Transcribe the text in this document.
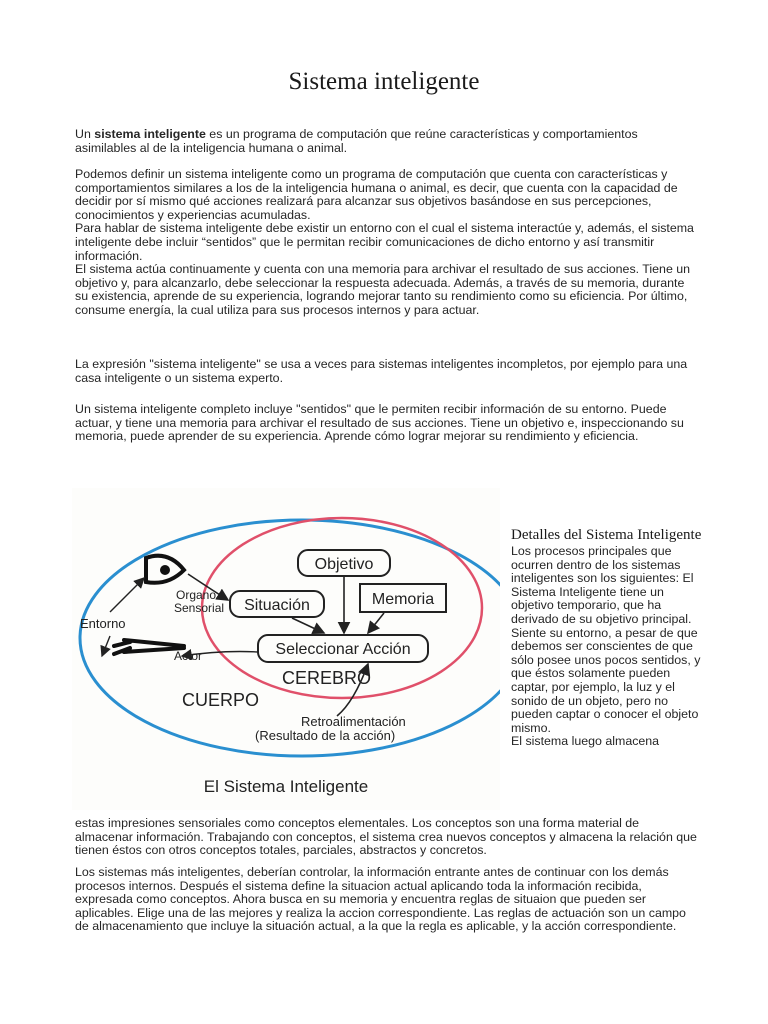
Sistema inteligente

Un sistema inteligente es un programa de computación que reúne características y comportamientos asimilables al de la inteligencia humana o animal.

Podemos definir un sistema inteligente como un programa de computación que cuenta con características y comportamientos similares a los de la inteligencia humana o animal, es decir, que cuenta con la capacidad de decidir por sí mismo qué acciones realizará para alcanzar sus objetivos basándose en sus percepciones, conocimientos y experiencias acumuladas.

Para hablar de sistema inteligente debe existir un entorno con el cual el sistema interactúe y, además, el sistema inteligente debe incluir “sentidos” que le permitan recibir comunicaciones de dicho entorno y así transmitir información.

El sistema actúa continuamente y cuenta con una memoria para archivar el resultado de sus acciones. Tiene un objetivo y, para alcanzarlo, debe seleccionar la respuesta adecuada. Además, a través de su memoria, durante su existencia, aprende de su experiencia, logrando mejorar tanto su rendimiento como su eficiencia. Por último, consume energía, la cual utiliza para sus procesos internos y para actuar.

La expresión "sistema inteligente" se usa a veces para sistemas inteligentes incompletos, por ejemplo para una casa inteligente o un sistema experto.

Un sistema inteligente completo incluye "sentidos" que le permiten recibir información de su entorno. Puede actuar, y tiene una memoria para archivar el resultado de sus acciones. Tiene un objetivo e, inspeccionando su memoria, puede aprender de su experiencia. Aprende cómo lograr mejorar su rendimiento y eficiencia.

Objetivo
Memoria
Situación
Seleccionar Acción
Organo
Sensorial
Entorno
Actor
CEREBRO
CUERPO
Retroalimentación
(Resultado de la acción)
El Sistema Inteligente
Detalles del Sistema Inteligente

Los procesos principales que ocurren dentro de los sistemas inteligentes son los siguientes: El Sistema Inteligente tiene un objetivo temporario, que ha derivado de su objetivo principal. Siente su entorno, a pesar de que debemos ser conscientes de que sólo posee unos pocos sentidos, y que éstos solamente pueden captar, por ejemplo, la luz y el sonido de un objeto, pero no pueden captar o conocer el objeto mismo.

El sistema luego almacena

estas impresiones sensoriales como conceptos elementales. Los conceptos son una forma material de almacenar información. Trabajando con conceptos, el sistema crea nuevos conceptos y almacena la relación que tienen éstos con otros conceptos totales, parciales, abstractos y concretos.

Los sistemas más inteligentes, deberían controlar, la información entrante antes de continuar con los demás procesos internos. Después el sistema define la situacion actual aplicando toda la información recibida, expresada como conceptos. Ahora busca en su memoria y encuentra reglas de situaion que pueden ser aplicables. Elige una de las mejores y realiza la accion correspondiente. Las reglas de actuación son un campo de almacenamiento que incluye la situación actual, a la que la regla es aplicable, y la acción correspondiente.
